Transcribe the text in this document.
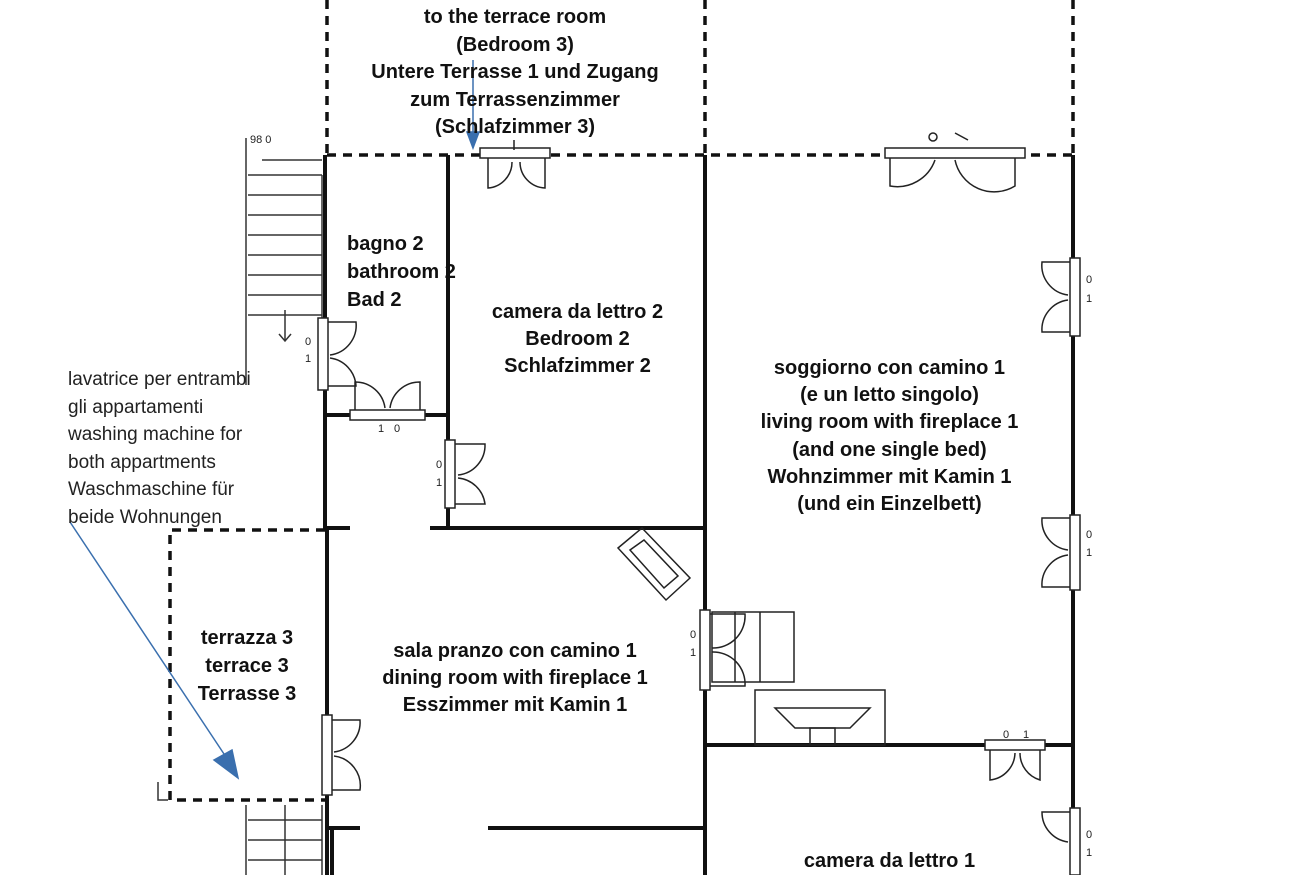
98 0
0
1
0
1
0
1
0
1
0
1
0
1
1 0
0 1
to the terrace room
(Bedroom 3)
Untere Terrasse 1 und Zugang
zum Terrassenzimmer
(Schlafzimmer 3)
bagno 2
bathroom 2
Bad 2
camera da lettro 2
Bedroom 2
Schlafzimmer 2	soggiorno con camino 1
(e un letto singolo)
living room with fireplace 1
(and one single bed)
Wohnzimmer mit Kamin 1
(und ein Einzelbett)
lavatrice per entrambi
gli appartamenti
washing machine for
both appartments
Waschmaschine für
beide Wohnungen
terrazza 3
terrace 3
Terrasse 3
sala pranzo con camino 1
dining room with fireplace 1
Esszimmer mit Kamin 1
camera da lettro 1
